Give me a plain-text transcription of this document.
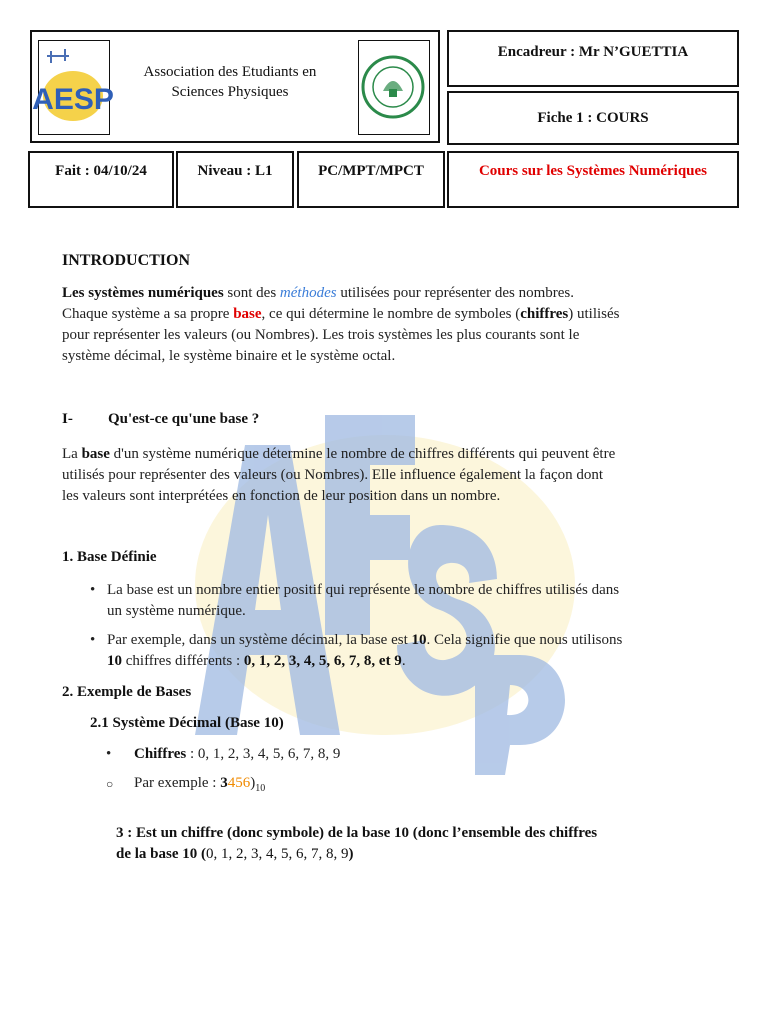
AESP
Association des Etudiants en
Sciences Physiques
Encadreur : Mr N’GUETTIA
Fiche 1 : COURS
Fait : 04/10/24	Niveau : L1	PC/MPT/MPCT	Cours sur les Systèmes Numériques
INTRODUCTION

Les systèmes numériques sont des méthodes utilisées pour représenter des nombres.

Chaque système a sa propre base, ce qui détermine le nombre de symboles (chiffres) utilisés

pour représenter les valeurs (ou Nombres). Les trois systèmes les plus courants sont le

système décimal, le système binaire et le système octal.

I-	Qu'est-ce qu'une base ?

La base d'un système numérique détermine le nombre de chiffres différents qui peuvent être

utilisés pour représenter des valeurs (ou Nombres). Elle influence également la façon dont

les valeurs sont interprétées en fonction de leur position dans un nombre.

1. Base Définie
• La base est un nombre entier positif qui représente le nombre de chiffres utilisés dans
un système numérique.
• Par exemple, dans un système décimal, la base est 10. Cela signifie que nous utilisons
10 chiffres différents : 0, 1, 2, 3, 4, 5, 6, 7, 8, et 9.
2. Exemple de Bases
2.1 Système Décimal (Base 10)
• Chiffres : 0, 1, 2, 3, 4, 5, 6, 7, 8, 9
○ Par exemple : $3456)_{10}$
3 : Est un chiffre (donc symbole) de la base 10 (donc l’ensemble des chiffres
de la base 10 (0, 1, 2, 3, 4, 5, 6, 7, 8, 9)
